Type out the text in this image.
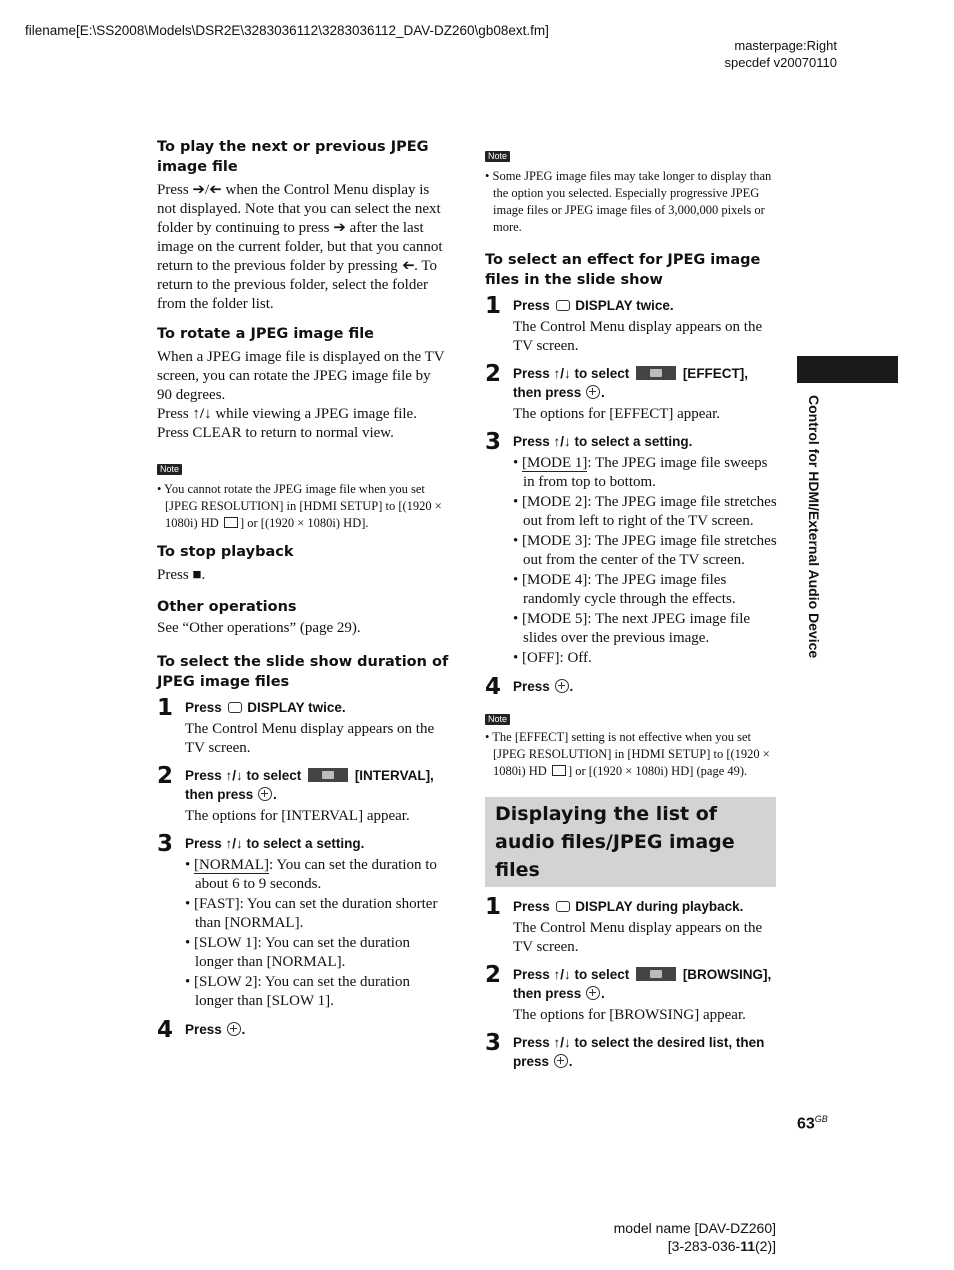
filename[E:\SS2008\Models\DSR2E\3283036112\3283036112_DAV-DZ260\gb08ext.fm]
masterpage:Right
specdef v20070110
Control for HDMI/External Audio Device
To play the next or previous JPEG image file

Press ➔/➔ when the Control Menu display is not displayed. Note that you can select the next folder by continuing to press ➔ after the last image on the current folder, but that you cannot return to the previous folder by pressing ➔. To return to the previous folder, select the folder from the folder list.

To rotate a JPEG image file

When a JPEG image file is displayed on the TV screen, you can rotate the JPEG image file by 90 degrees.

Press ↑/↓ while viewing a JPEG image file.

Press CLEAR to return to normal view.

Note
• You cannot rotate the JPEG image file when you set [JPEG RESOLUTION] in [HDMI SETUP] to [(1920 × 1080i) HD ] or [(1920 × 1080i) HD].
To stop playback

Press ■.

Other operations

See “Other operations” (page 29).

To select the slide show duration of JPEG image files
1 Press  DISPLAY twice.
The Control Menu display appears on the TV screen.
2 Press ↑/↓ to select	[INTERVAL], then press .
The options for [INTERVAL] appear.
3 Press ↑/↓ to select a setting.
• [NORMAL]: You can set the duration to about 6 to 9 seconds.
• [FAST]: You can set the duration shorter than [NORMAL].
• [SLOW 1]: You can set the duration longer than [NORMAL].
• [SLOW 2]: You can set the duration longer than [SLOW 1].
4 Press .
Note
• Some JPEG image files may take longer to display than the option you selected. Especially progressive JPEG image files or JPEG image files of 3,000,000 pixels or more.
To select an effect for JPEG image files in the slide show
1 Press  DISPLAY twice.
The Control Menu display appears on the TV screen.
2 Press ↑/↓ to select	[EFFECT], then press .
The options for [EFFECT] appear.
3 Press ↑/↓ to select a setting.
• [MODE 1]: The JPEG image file sweeps in from top to bottom.
• [MODE 2]: The JPEG image file stretches out from left to right of the TV screen.
• [MODE 3]: The JPEG image file stretches out from the center of the TV screen.
• [MODE 4]: The JPEG image files randomly cycle through the effects.
• [MODE 5]: The next JPEG image file slides over the previous image.
• [OFF]: Off.
4 Press .
Note
• The [EFFECT] setting is not effective when you set [JPEG RESOLUTION] in [HDMI SETUP] to [(1920 × 1080i) HD ] or [(1920 × 1080i) HD] (page 49).
Displaying the list of audio files/JPEG image files
1 Press  DISPLAY during playback.
The Control Menu display appears on the TV screen.
2 Press ↑/↓ to select	[BROWSING], then press .
The options for [BROWSING] appear.
3 Press ↑/↓ to select the desired list, then press .
$63^{GB}$
model name [DAV-DZ260]
[3-283-036-11(2)]
